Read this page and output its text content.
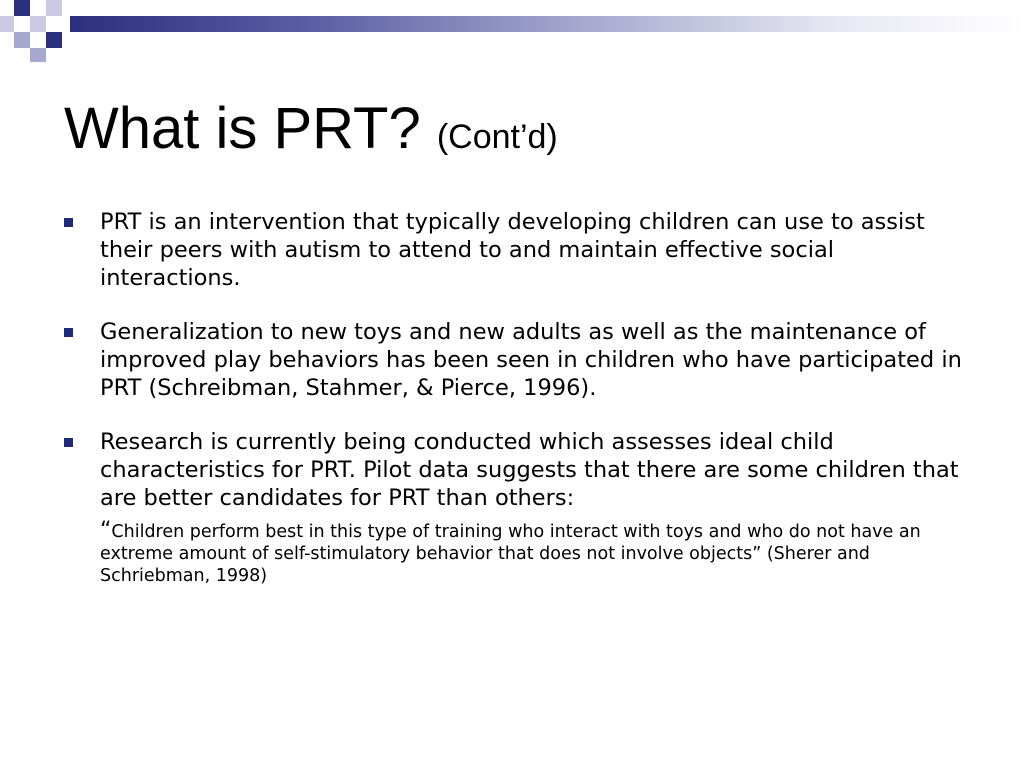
What is PRT? (Cont’d)
PRT is an intervention that typically developing children can use to assist their peers with autism to attend to and maintain effective social interactions.
Generalization to new toys and new adults as well as the maintenance of improved play behaviors has been seen in children who have participated in PRT (Schreibman, Stahmer, & Pierce, 1996).
Research is currently being conducted which assesses ideal child characteristics for PRT. Pilot data suggests that there are some children that are better candidates for PRT than others:
“Children perform best in this type of training who interact with toys and who do not have an extreme amount of self-stimulatory behavior that does not involve objects” (Sherer and Schriebman, 1998)
